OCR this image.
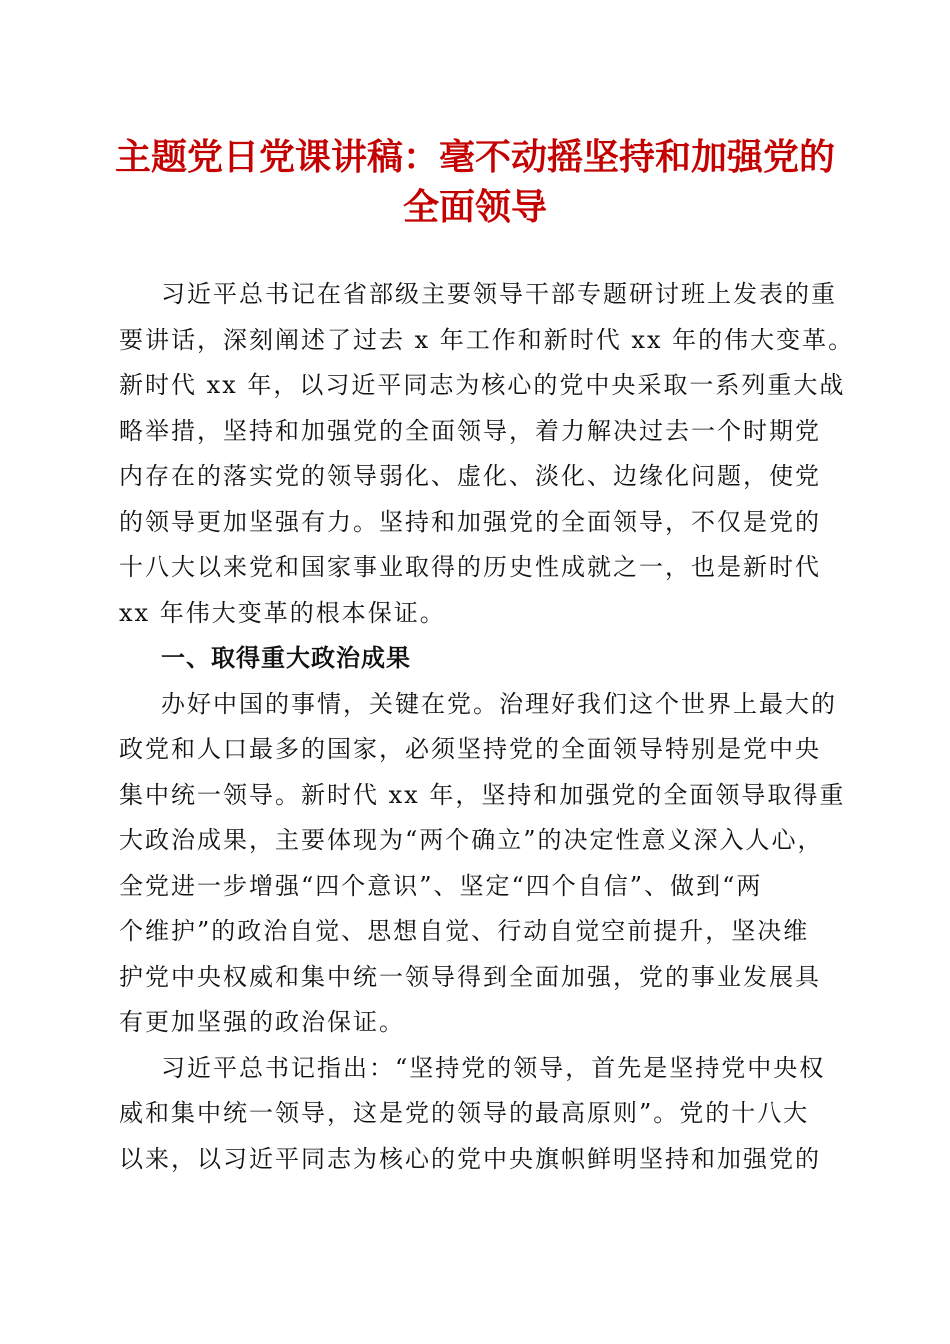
主题党日党课讲稿：毫不动摇坚持和加强党的
全面领导
习近平总书记在省部级主要领导干部专题研讨班上发表的重
要讲话，深刻阐述了过去 x 年工作和新时代 xx 年的伟大变革。
新时代 xx 年，以习近平同志为核心的党中央采取一系列重大战
略举措，坚持和加强党的全面领导，着力解决过去一个时期党
内存在的落实党的领导弱化、虚化、淡化、边缘化问题，使党
的领导更加坚强有力。坚持和加强党的全面领导，不仅是党的
十八大以来党和国家事业取得的历史性成就之一，也是新时代
xx 年伟大变革的根本保证。
一、取得重大政治成果
办好中国的事情，关键在党。治理好我们这个世界上最大的
政党和人口最多的国家，必须坚持党的全面领导特别是党中央
集中统一领导。新时代 xx 年，坚持和加强党的全面领导取得重
大政治成果，主要体现为“两个确立”的决定性意义深入人心，
全党进一步增强“四个意识”、坚定“四个自信”、做到“两
个维护”的政治自觉、思想自觉、行动自觉空前提升，坚决维
护党中央权威和集中统一领导得到全面加强，党的事业发展具
有更加坚强的政治保证。
习近平总书记指出：“坚持党的领导，首先是坚持党中央权
威和集中统一领导，这是党的领导的最高原则”。党的十八大
以来，以习近平同志为核心的党中央旗帜鲜明坚持和加强党的
